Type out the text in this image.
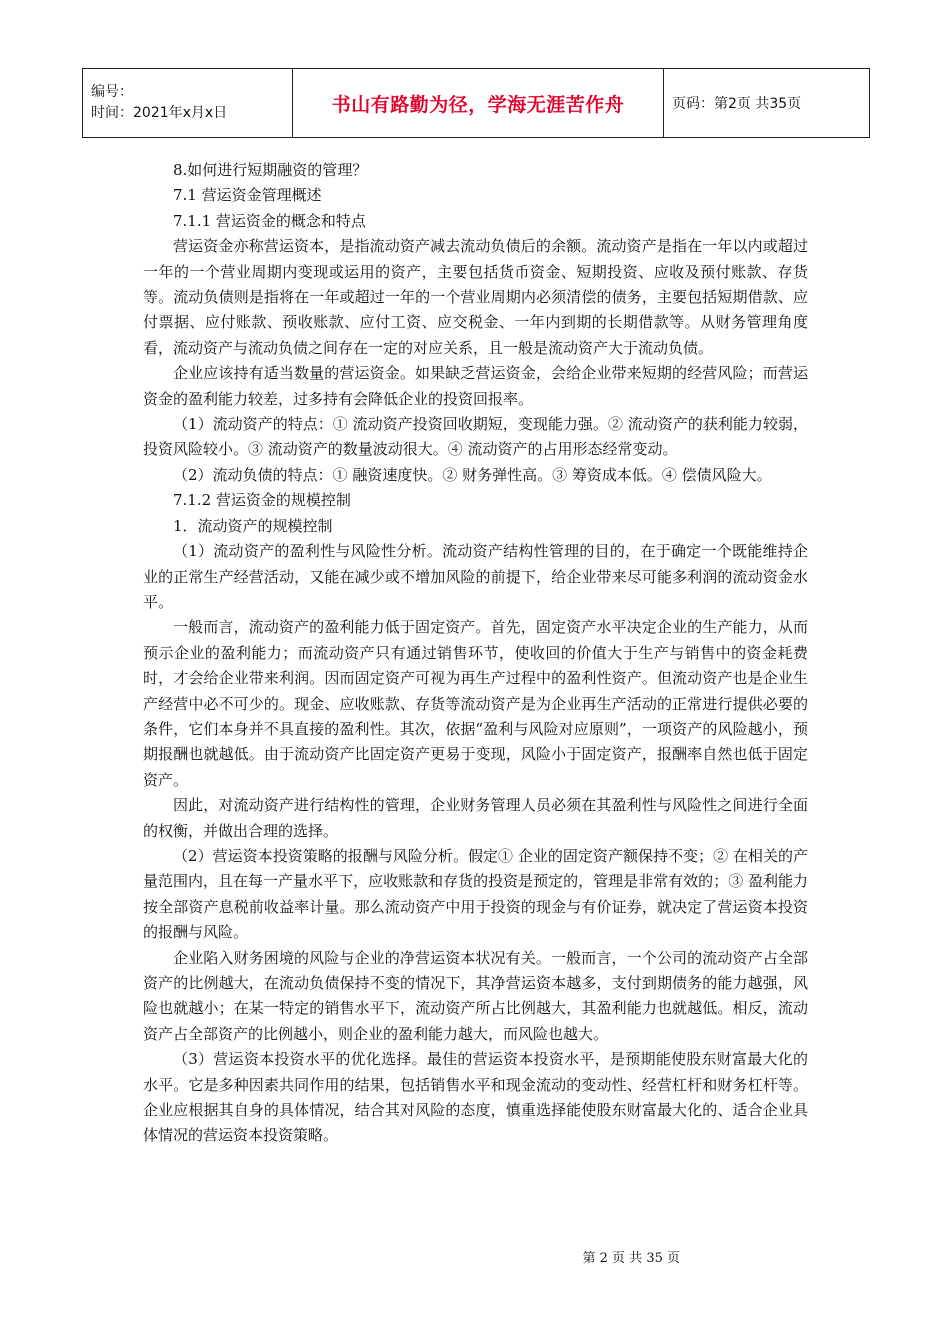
编号：
时间：2021年x月x日	书山有路勤为径，学海无涯苦作舟	页码：第2页 共35页

8.如何进行短期融资的管理？

7.1 营运资金管理概述

7.1.1 营运资金的概念和特点

营运资金亦称营运资本，是指流动资产减去流动负债后的余额。流动资产是指在一年以内或超过一年的一个营业周期内变现或运用的资产，主要包括货币资金、短期投资、应收及预付账款、存货等。流动负债则是指将在一年或超过一年的一个营业周期内必须清偿的债务，主要包括短期借款、应付票据、应付账款、预收账款、应付工资、应交税金、一年内到期的长期借款等。从财务管理角度看，流动资产与流动负债之间存在一定的对应关系，且一般是流动资产大于流动负债。

企业应该持有适当数量的营运资金。如果缺乏营运资金，会给企业带来短期的经营风险；而营运资金的盈利能力较差，过多持有会降低企业的投资回报率。

（1）流动资产的特点：① 流动资产投资回收期短，变现能力强。② 流动资产的获利能力较弱，投资风险较小。③ 流动资产的数量波动很大。④ 流动资产的占用形态经常变动。

（2）流动负债的特点：① 融资速度快。② 财务弹性高。③ 筹资成本低。④ 偿债风险大。

7.1.2 营运资金的规模控制

1．流动资产的规模控制

（1）流动资产的盈利性与风险性分析。流动资产结构性管理的目的，在于确定一个既能维持企业的正常生产经营活动，又能在减少或不增加风险的前提下，给企业带来尽可能多利润的流动资金水平。

一般而言，流动资产的盈利能力低于固定资产。首先，固定资产水平决定企业的生产能力，从而预示企业的盈利能力；而流动资产只有通过销售环节，使收回的价值大于生产与销售中的资金耗费时，才会给企业带来利润。因而固定资产可视为再生产过程中的盈利性资产。但流动资产也是企业生产经营中必不可少的。现金、应收账款、存货等流动资产是为企业再生产活动的正常进行提供必要的条件，它们本身并不具直接的盈利性。其次，依据“盈利与风险对应原则”，一项资产的风险越小，预期报酬也就越低。由于流动资产比固定资产更易于变现，风险小于固定资产，报酬率自然也低于固定资产。

因此，对流动资产进行结构性的管理，企业财务管理人员必须在其盈利性与风险性之间进行全面的权衡，并做出合理的选择。

（2）营运资本投资策略的报酬与风险分析。假定① 企业的固定资产额保持不变；② 在相关的产量范围内，且在每一产量水平下，应收账款和存货的投资是预定的，管理是非常有效的；③ 盈利能力按全部资产息税前收益率计量。那么流动资产中用于投资的现金与有价证券，就决定了营运资本投资的报酬与风险。

企业陷入财务困境的风险与企业的净营运资本状况有关。一般而言，一个公司的流动资产占全部资产的比例越大，在流动负债保持不变的情况下，其净营运资本越多，支付到期债务的能力越强，风险也就越小；在某一特定的销售水平下，流动资产所占比例越大，其盈利能力也就越低。相反，流动资产占全部资产的比例越小，则企业的盈利能力越大，而风险也越大。

（3）营运资本投资水平的优化选择。最佳的营运资本投资水平，是预期能使股东财富最大化的水平。它是多种因素共同作用的结果，包括销售水平和现金流动的变动性、经营杠杆和财务杠杆等。企业应根据其自身的具体情况，结合其对风险的态度，慎重选择能使股东财富最大化的、适合企业具体情况的营运资本投资策略。

第 2 页 共 35 页
